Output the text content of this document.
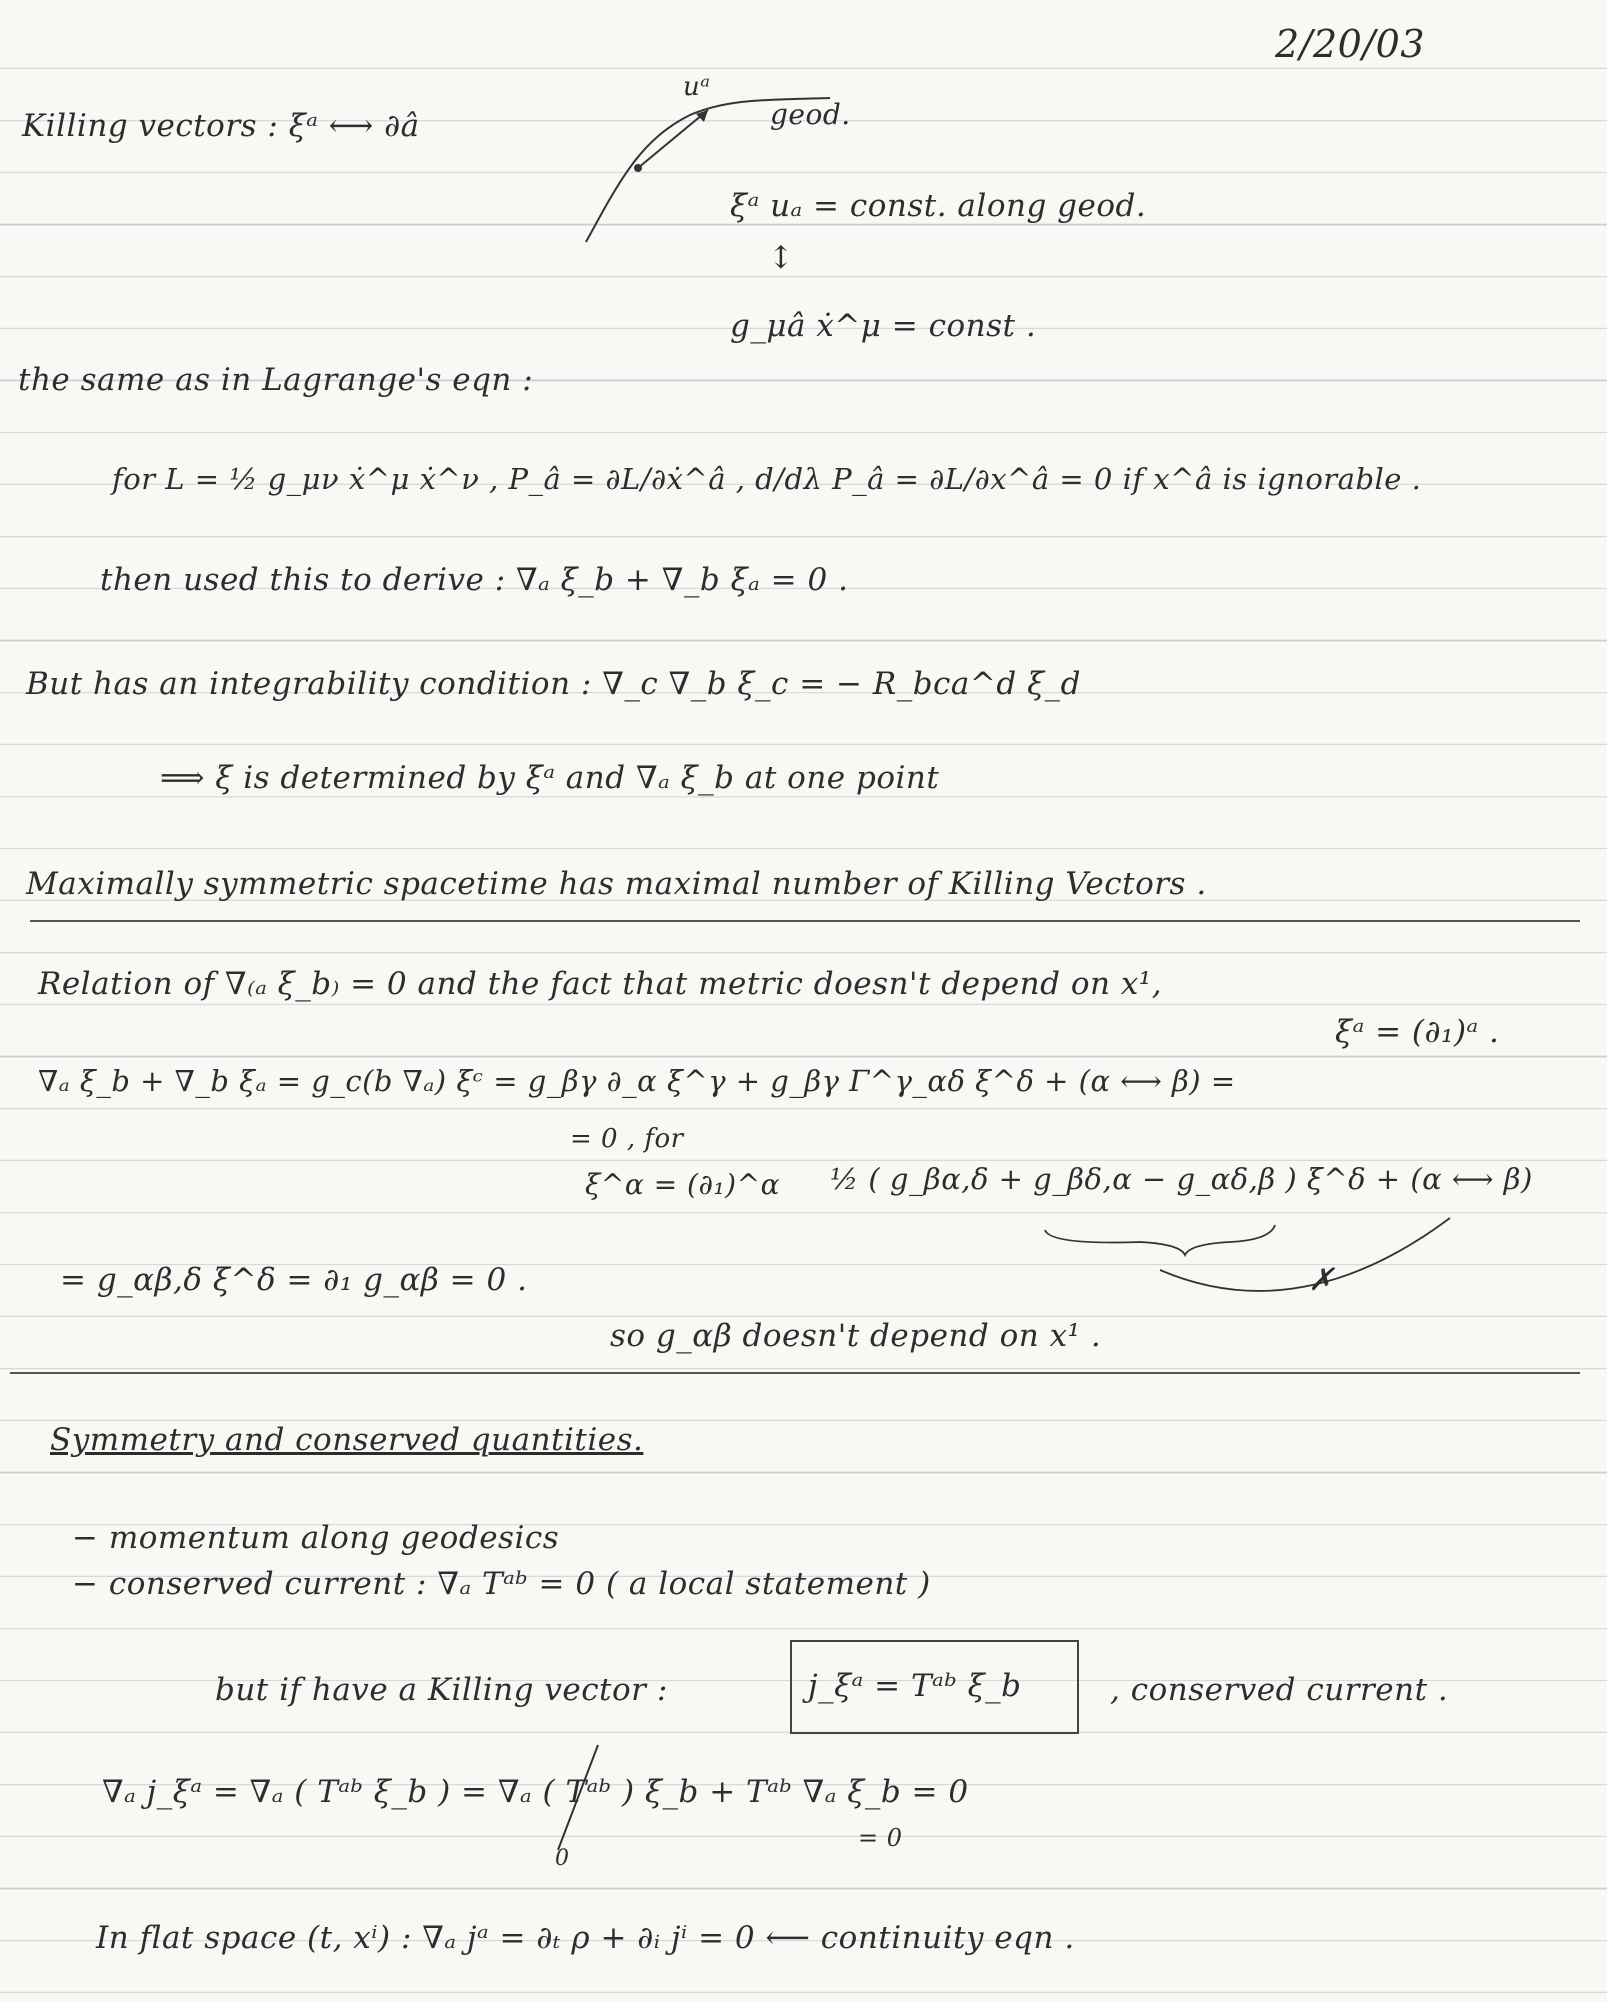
2/20/03
uᵃ
geod.
Killing vectors : ξᵃ ⟷ ∂â
ξᵃ uₐ = const. along geod.
↕
g_μâ ẋ^μ = const .
the same as in Lagrange's eqn :
for L = ½ g_μν ẋ^μ ẋ^ν , P_â = ∂L/∂ẋ^â , d/dλ P_â = ∂L/∂x^â = 0 if x^â is ignorable .
then used this to derive : ∇ₐ ξ_b + ∇_b ξₐ = 0 .
But has an integrability condition : ∇_c ∇_b ξ_c = − R_bca^d ξ_d
⟹ ξ is determined by ξᵃ and ∇ₐ ξ_b at one point
Maximally symmetric spacetime has maximal number of Killing Vectors .
Relation of ∇₍ₐ ξ_b₎ = 0 and the fact that metric doesn't depend on x¹,
ξᵃ = (∂₁)ᵃ .
∇ₐ ξ_b + ∇_b ξₐ = g_c(b ∇ₐ) ξᶜ = g_βγ ∂_α ξ^γ + g_βγ Γ^γ_αδ ξ^δ + (α ⟷ β) =
= 0 , for
ξ^α = (∂₁)^α ½ ( g_βα,δ + g_βδ,α − g_αδ,β ) ξ^δ + (α ⟷ β)
✗
= g_αβ,δ ξ^δ = ∂₁ g_αβ = 0 .
so g_αβ doesn't depend on x¹ .
Symmetry and conserved quantities.
− momentum along geodesics
− conserved current : ∇ₐ Tᵃᵇ = 0 ( a local statement )
but if have a Killing vector :	j_ξᵃ = Tᵃᵇ ξ_b	, conserved current .
∇ₐ j_ξᵃ = ∇ₐ ( Tᵃᵇ ξ_b ) = ∇ₐ ( Tᵃᵇ ) ξ_b + Tᵃᵇ ∇ₐ ξ_b = 0
= 0
0
In flat space (t, xⁱ) : ∇ₐ jᵃ = ∂ₜ ρ + ∂ᵢ jⁱ = 0 ⟵ continuity eqn .
